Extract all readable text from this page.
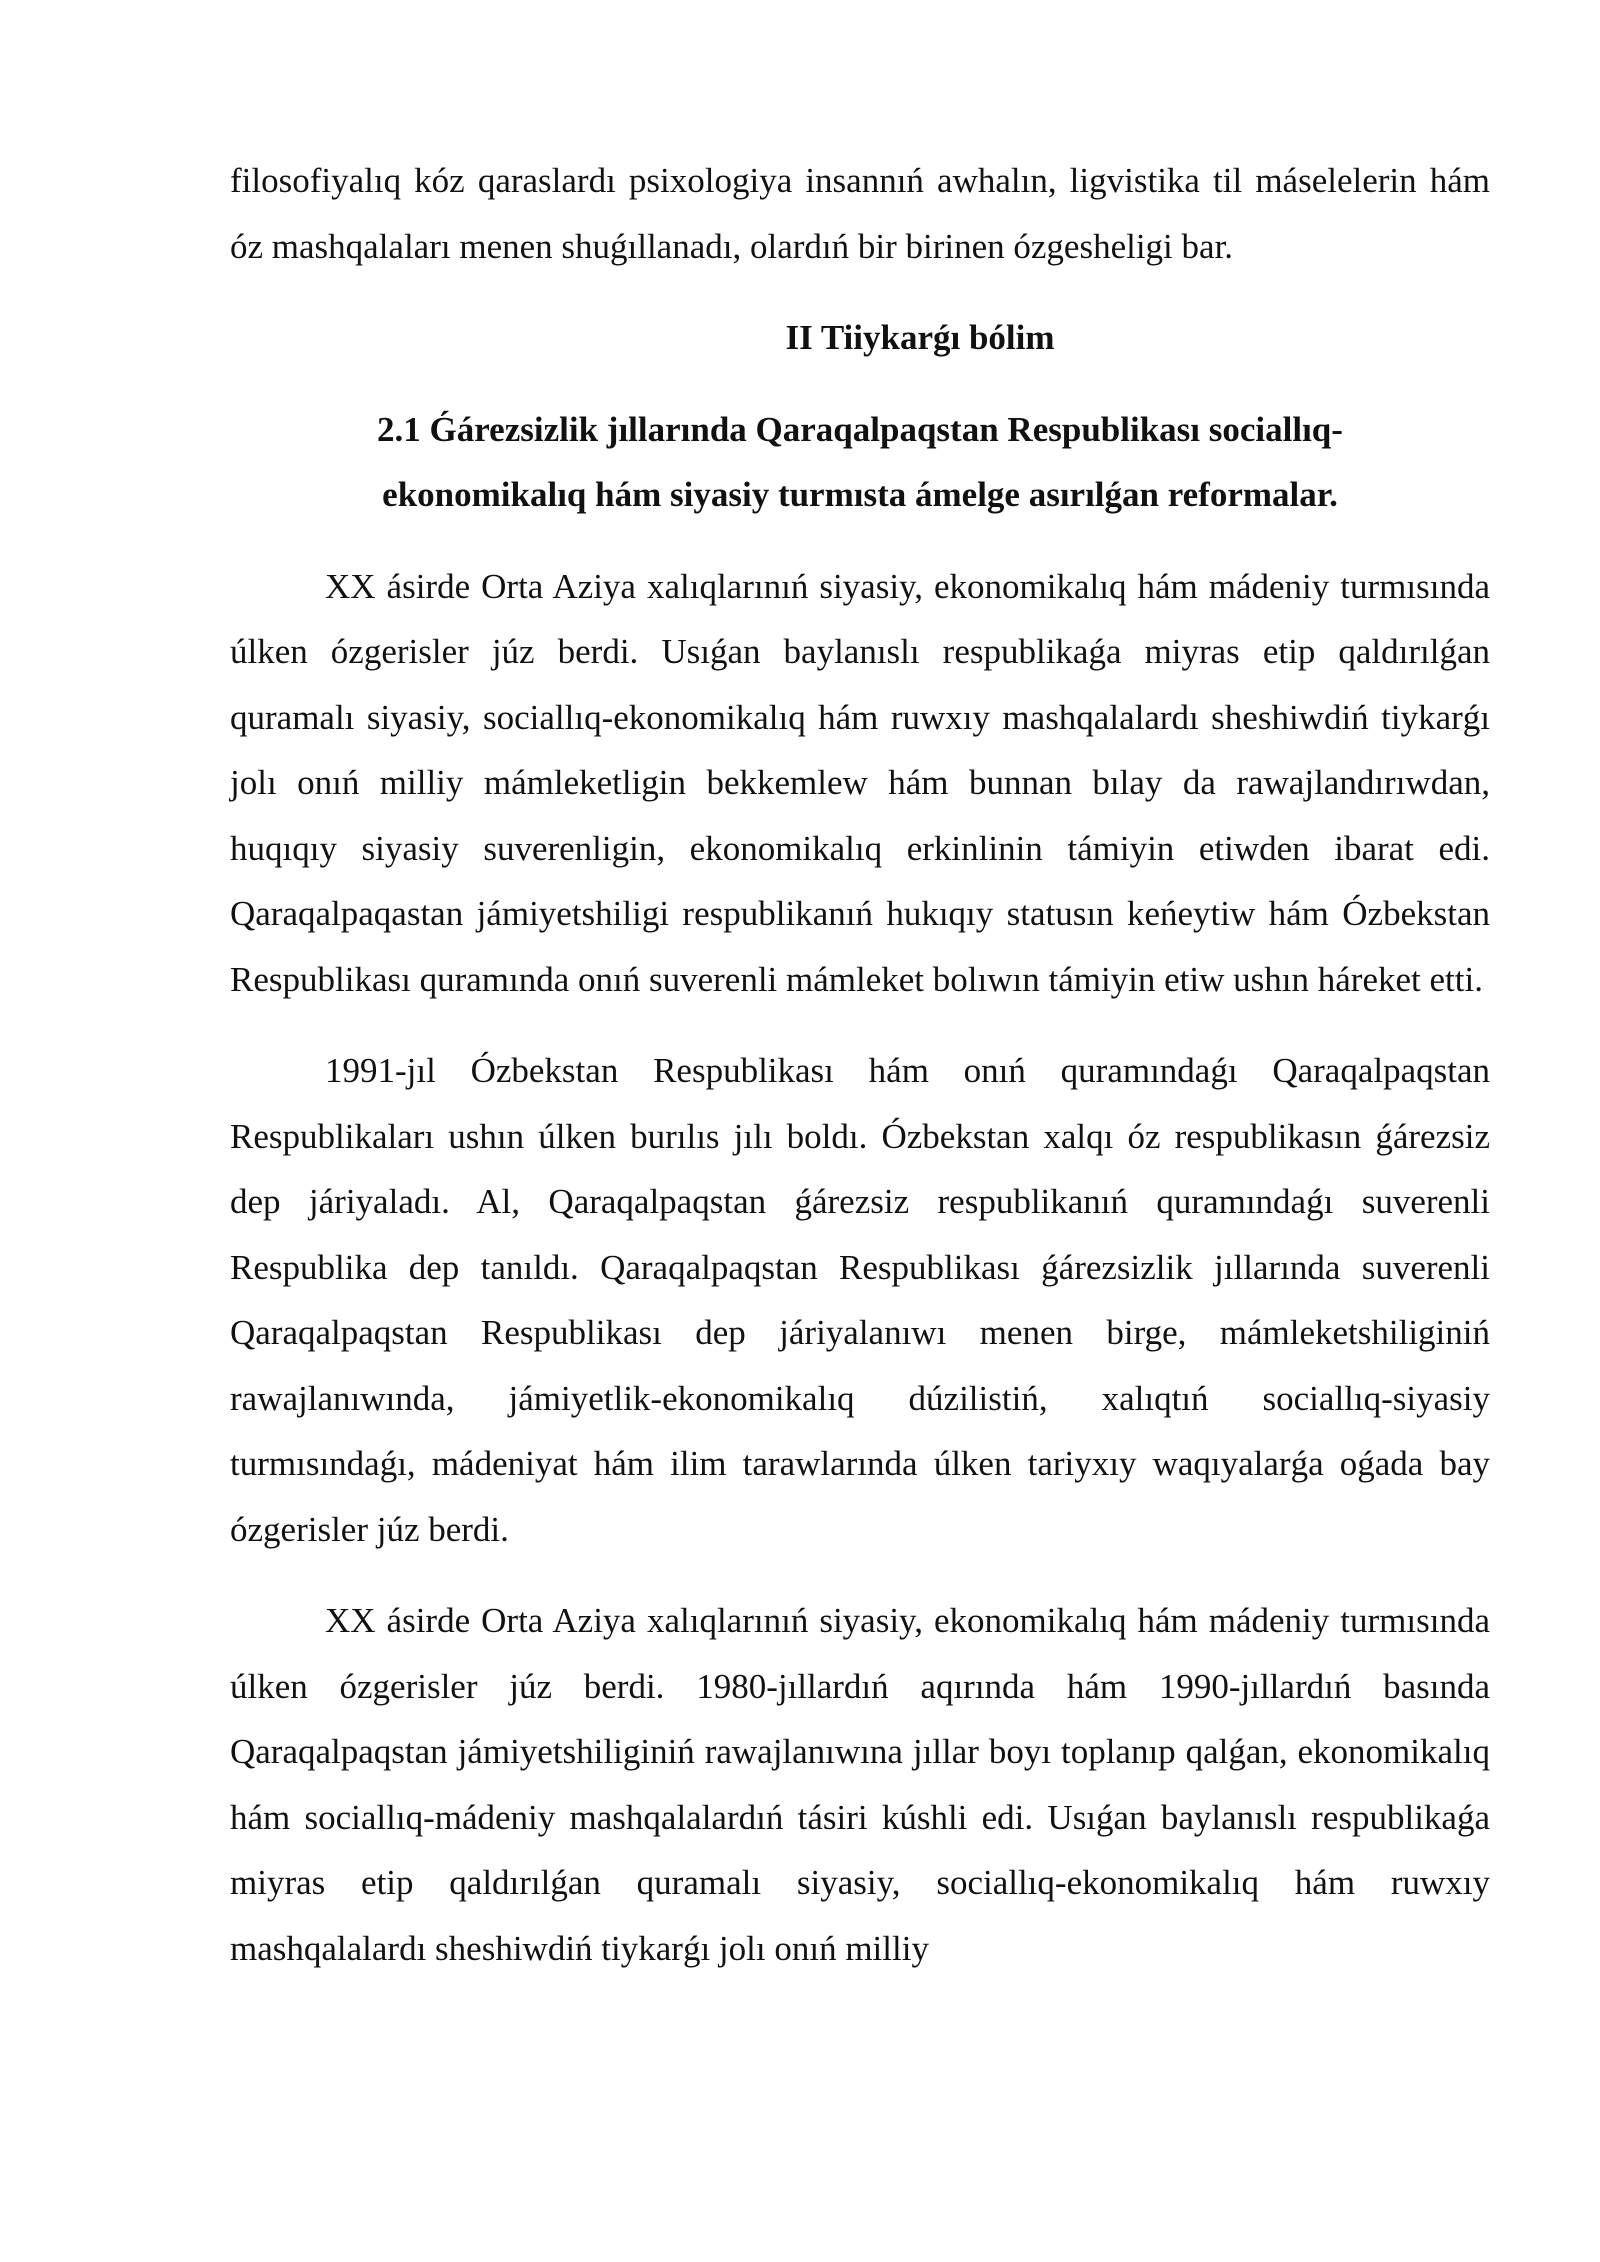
filosofiyalıq kóz qaraslardı psixologiya insannıń awhalın, ligvistika til máselelerin hám óz mashqalaları menen shuǵıllanadı, olardıń bir birinen ózgesheligi bar.

II Tiiykarǵı bólim
2.1 Ǵárezsizlik jıllarında Qaraqalpaqstan Respublikası sociallıq-
ekonomikalıq hám siyasiy turmısta ámelge asırılǵan reformalar.

XX ásirde Orta Aziya xalıqlarınıń siyasiy, ekonomikalıq hám mádeniy turmısında úlken ózgerisler júz berdi. Usıǵan baylanıslı respublikaǵa miyras etip qaldırılǵan quramalı siyasiy, sociallıq-ekonomikalıq hám ruwxıy mashqalalardı sheshiwdiń tiykarǵı jolı onıń milliy mámleketligin bekkemlew hám bunnan bılay da rawajlandırıwdan, huqıqıy siyasiy suverenligin, ekonomikalıq erkinlinin támiyin etiwden ibarat edi. Qaraqalpaqastan jámiyetshiligi respublikanıń hukıqıy statusın keńeytiw hám Ózbekstan Respublikası quramında onıń suverenli mámleket bolıwın támiyin etiw ushın háreket etti.

1991-jıl Ózbekstan Respublikası hám onıń quramındaǵı Qaraqalpaqstan Respublikaları ushın úlken burılıs jılı boldı. Ózbekstan xalqı óz respublikasın ǵárezsiz dep járiyaladı. Al, Qaraqalpaqstan ǵárezsiz respublikanıń quramındaǵı suverenli Respublika dep tanıldı. Qaraqalpaqstan Respublikası ǵárezsizlik jıllarında suverenli Qaraqalpaqstan Respublikası dep járiyalanıwı menen birge, mámleketshiliginiń rawajlanıwında, jámiyetlik-ekonomikalıq dúzilistiń, xalıqtıń sociallıq-siyasiy turmısındaǵı, mádeniyat hám ilim tarawlarında úlken tariyxıy waqıyalarǵa oǵada bay ózgerisler júz berdi.

XX ásirde Orta Aziya xalıqlarınıń siyasiy, ekonomikalıq hám mádeniy turmısında úlken ózgerisler júz berdi. 1980-jıllardıń aqırında hám 1990-jıllardıń basında Qaraqalpaqstan jámiyetshiliginiń rawajlanıwına jıllar boyı toplanıp qalǵan, ekonomikalıq hám sociallıq-mádeniy mashqalalardıń tásiri kúshli edi. Usıǵan baylanıslı respublikaǵa miyras etip qaldırılǵan quramalı siyasiy, sociallıq-ekonomikalıq hám ruwxıy mashqalalardı sheshiwdiń tiykarǵı jolı onıń milliy
